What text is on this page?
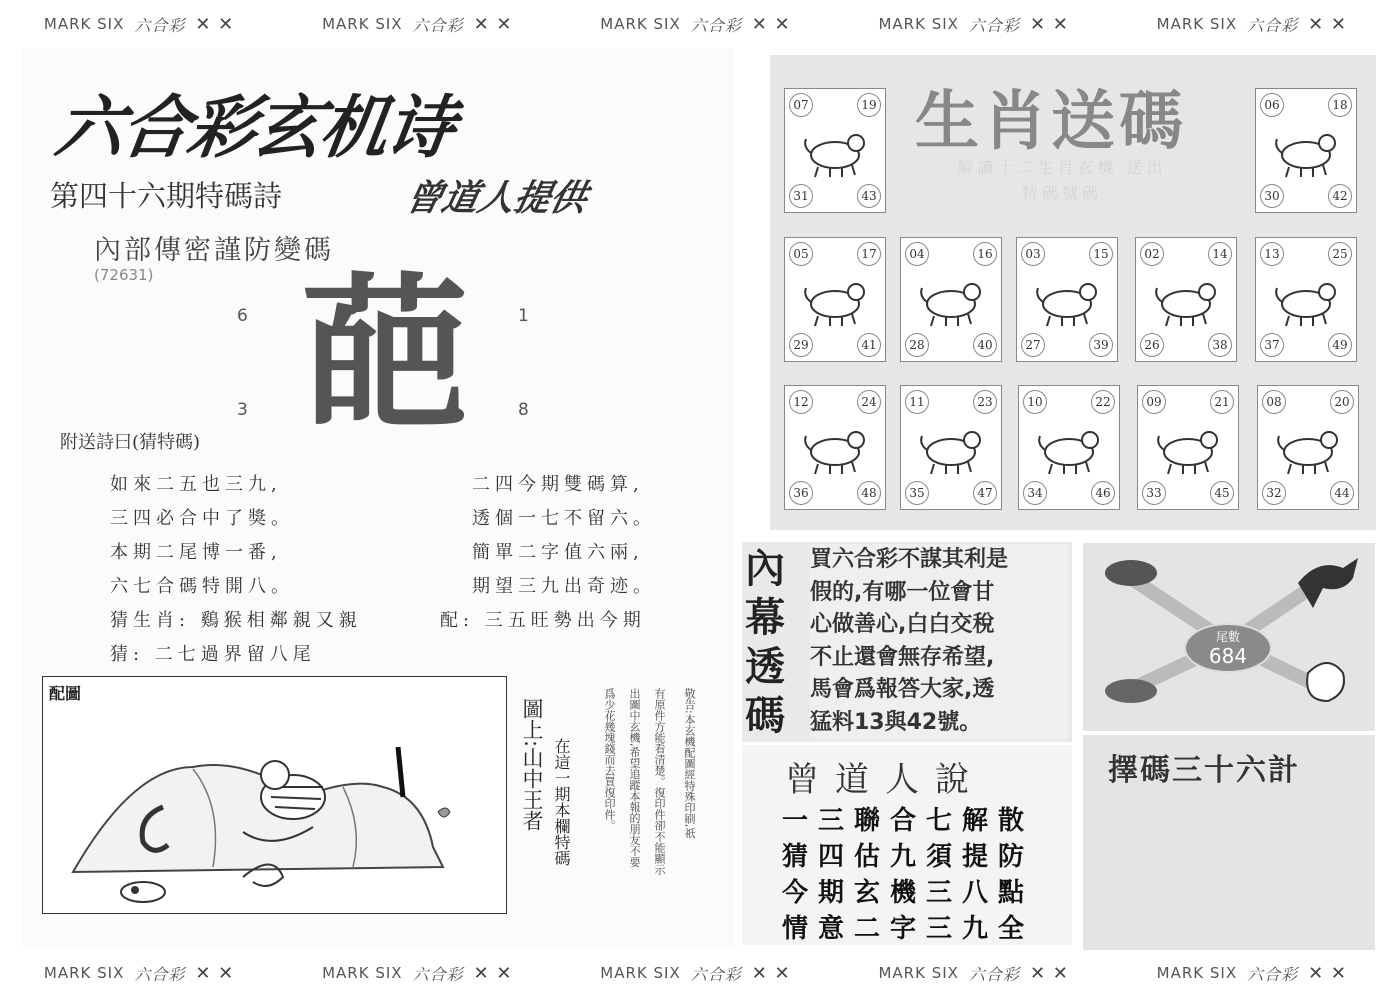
MARK SIX 六合彩 ✕ ✕	MARK SIX 六合彩 ✕ ✕	MARK SIX 六合彩 ✕ ✕	MARK SIX 六合彩 ✕ ✕	MARK SIX 六合彩 ✕ ✕
MARK SIX 六合彩 ✕ ✕	MARK SIX 六合彩 ✕ ✕	MARK SIX 六合彩 ✕ ✕	MARK SIX 六合彩 ✕ ✕	MARK SIX 六合彩 ✕ ✕
六合彩玄机诗
第四十六期特碼詩	曾道人提供
內部傳密謹防變碼
(72631)
6	1
3	8
葩
附送詩曰(猜特碼)
如來二五也三九,
三四必合中了獎。
本期二尾博一番,
六七合碼特開八。
猜生肖: 鷄猴相鄰親又親
猜: 二七過界留八尾
二四今期雙碼算,
透個一七不留六。
簡單二字值六兩,
期望三九出奇迹。
配: 三五旺勢出今期
配圖
圖上:山中王者 在這一期本欄特碼	敬告:本玄機配圖經特殊印刷,祇
有原件方能看清楚。復印件卻不能顯示
出圖中玄機,希望追蹤本報的朋友不要
爲少花幾塊錢而去買復印件。
生肖送碼
解讀十二生肖玄機 送出特碼號碼
07	19
31	43
06	18
30	42
05	17
29	41
04	16
28	40
03	15
27	39
02	14
26	38
13	25
37	49
12	24
36	48
11	23
35	47
10	22
34	46
09	21
33	45
08	20
32	44
內
幕
透
碼
買六合彩不謀其利是
假的,有哪一位會甘
心做善心,白白交稅
不止還會無存希望,
馬會爲報答大家,透
猛料13與42號。
曾道人說
一三聯合七解散
猜四估九須提防
今期玄機三八點
情意二字三九全
尾數
684
擇碼三十六計
